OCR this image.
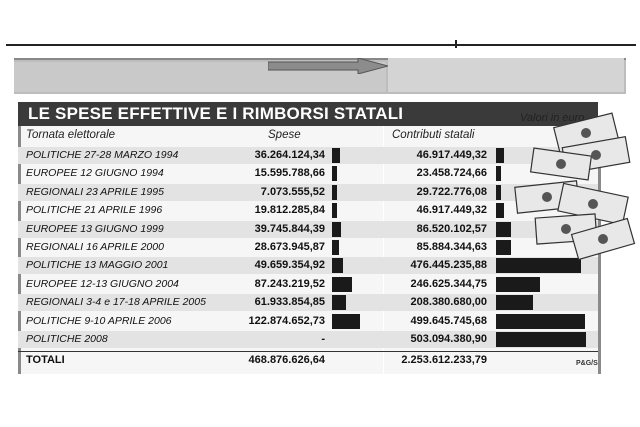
LE SPESE EFFETTIVE E I RIMBORSI STATALI	Valori in euro
Tornata elettorale	Spese	Contributi statali
POLITICHE 27-28 MARZO 1994	36.264.124,34	46.917.449,32
EUROPEE 12 GIUGNO 1994	15.595.788,66	23.458.724,66
REGIONALI 23 APRILE 1995	7.073.555,52	29.722.776,08
POLITICHE 21 APRILE 1996	19.812.285,84	46.917.449,32
EUROPEE 13 GIUGNO 1999	39.745.844,39	86.520.102,57
REGIONALI 16 APRILE 2000	28.673.945,87	85.884.344,63
POLITICHE 13 MAGGIO 2001	49.659.354,92	476.445.235,88
EUROPEE 12-13 GIUGNO 2004	87.243.219,52	246.625.344,75
REGIONALI 3-4 e 17-18 APRILE 2005	61.933.854,85	208.380.680,00
POLITICHE 9-10 APRILE 2006	122.874.652,73	499.645.745,68
POLITICHE 2008	-	503.094.380,90
TOTALI	468.876.626,64	2.253.612.233,79	P&G/S
